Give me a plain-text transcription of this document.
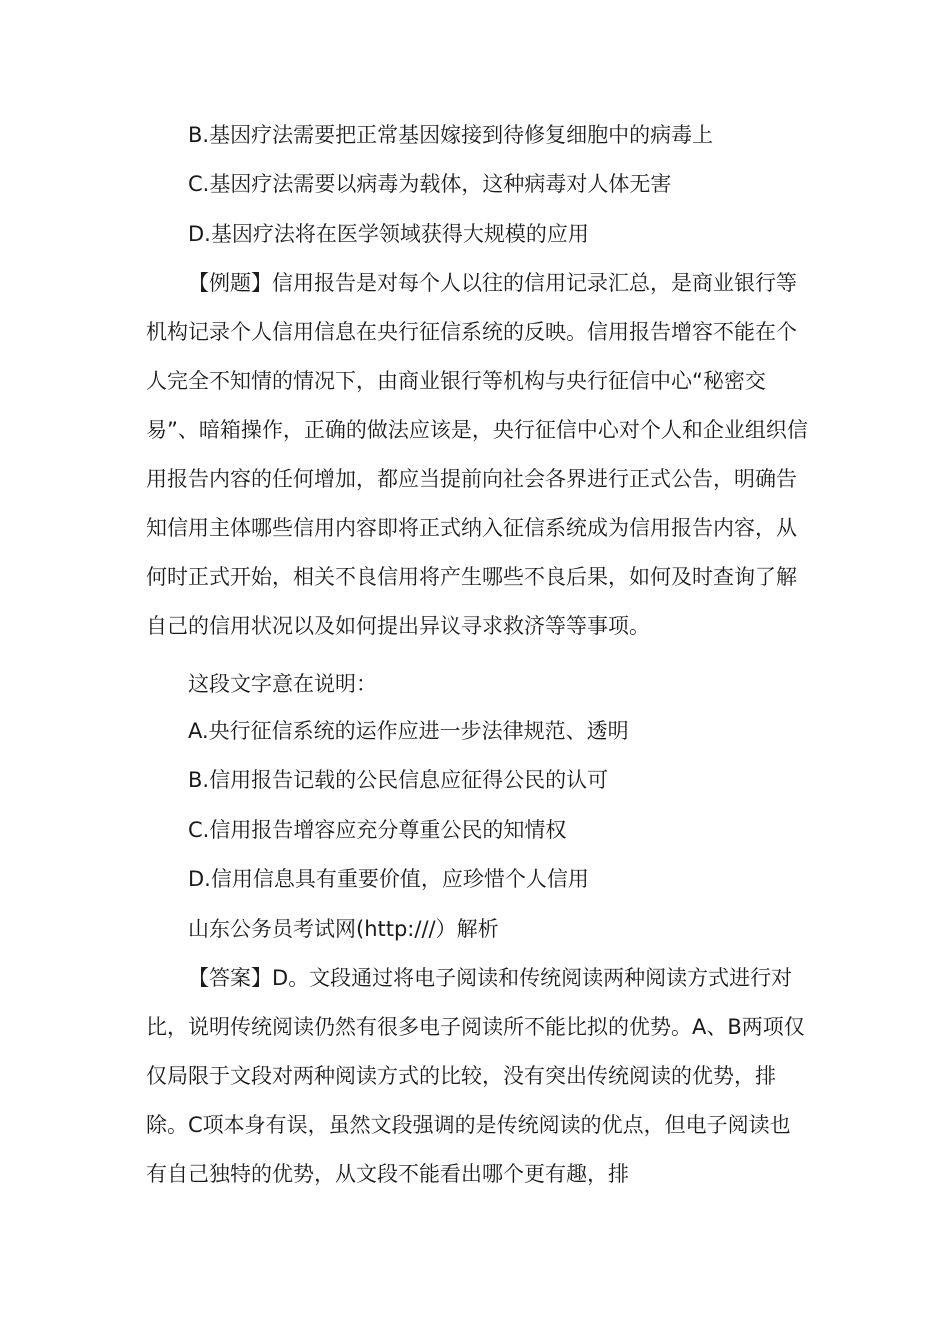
B.基因疗法需要把正常基因嫁接到待修复细胞中的病毒上

C.基因疗法需要以病毒为载体，这种病毒对人体无害

D.基因疗法将在医学领域获得大规模的应用

【例题】信用报告是对每个人以往的信用记录汇总，是商业银行等机构记录个人信用信息在央行征信系统的反映。信用报告增容不能在个人完全不知情的情况下，由商业银行等机构与央行征信中心“秘密交易”、暗箱操作，正确的做法应该是，央行征信中心对个人和企业组织信用报告内容的任何增加，都应当提前向社会各界进行正式公告，明确告知信用主体哪些信用内容即将正式纳入征信系统成为信用报告内容，从何时正式开始，相关不良信用将产生哪些不良后果，如何及时查询了解自己的信用状况以及如何提出异议寻求救济等等事项。

这段文字意在说明：

A.央行征信系统的运作应进一步法律规范、透明

B.信用报告记载的公民信息应征得公民的认可

C.信用报告增容应充分尊重公民的知情权

D.信用信息具有重要价值，应珍惜个人信用

山东公务员考试网(http:///）解析

【答案】D。文段通过将电子阅读和传统阅读两种阅读方式进行对比，说明传统阅读仍然有很多电子阅读所不能比拟的优势。A、B两项仅仅局限于文段对两种阅读方式的比较，没有突出传统阅读的优势，排除。C项本身有误，虽然文段强调的是传统阅读的优点，但电子阅读也有自己独特的优势，从文段不能看出哪个更有趣，排
